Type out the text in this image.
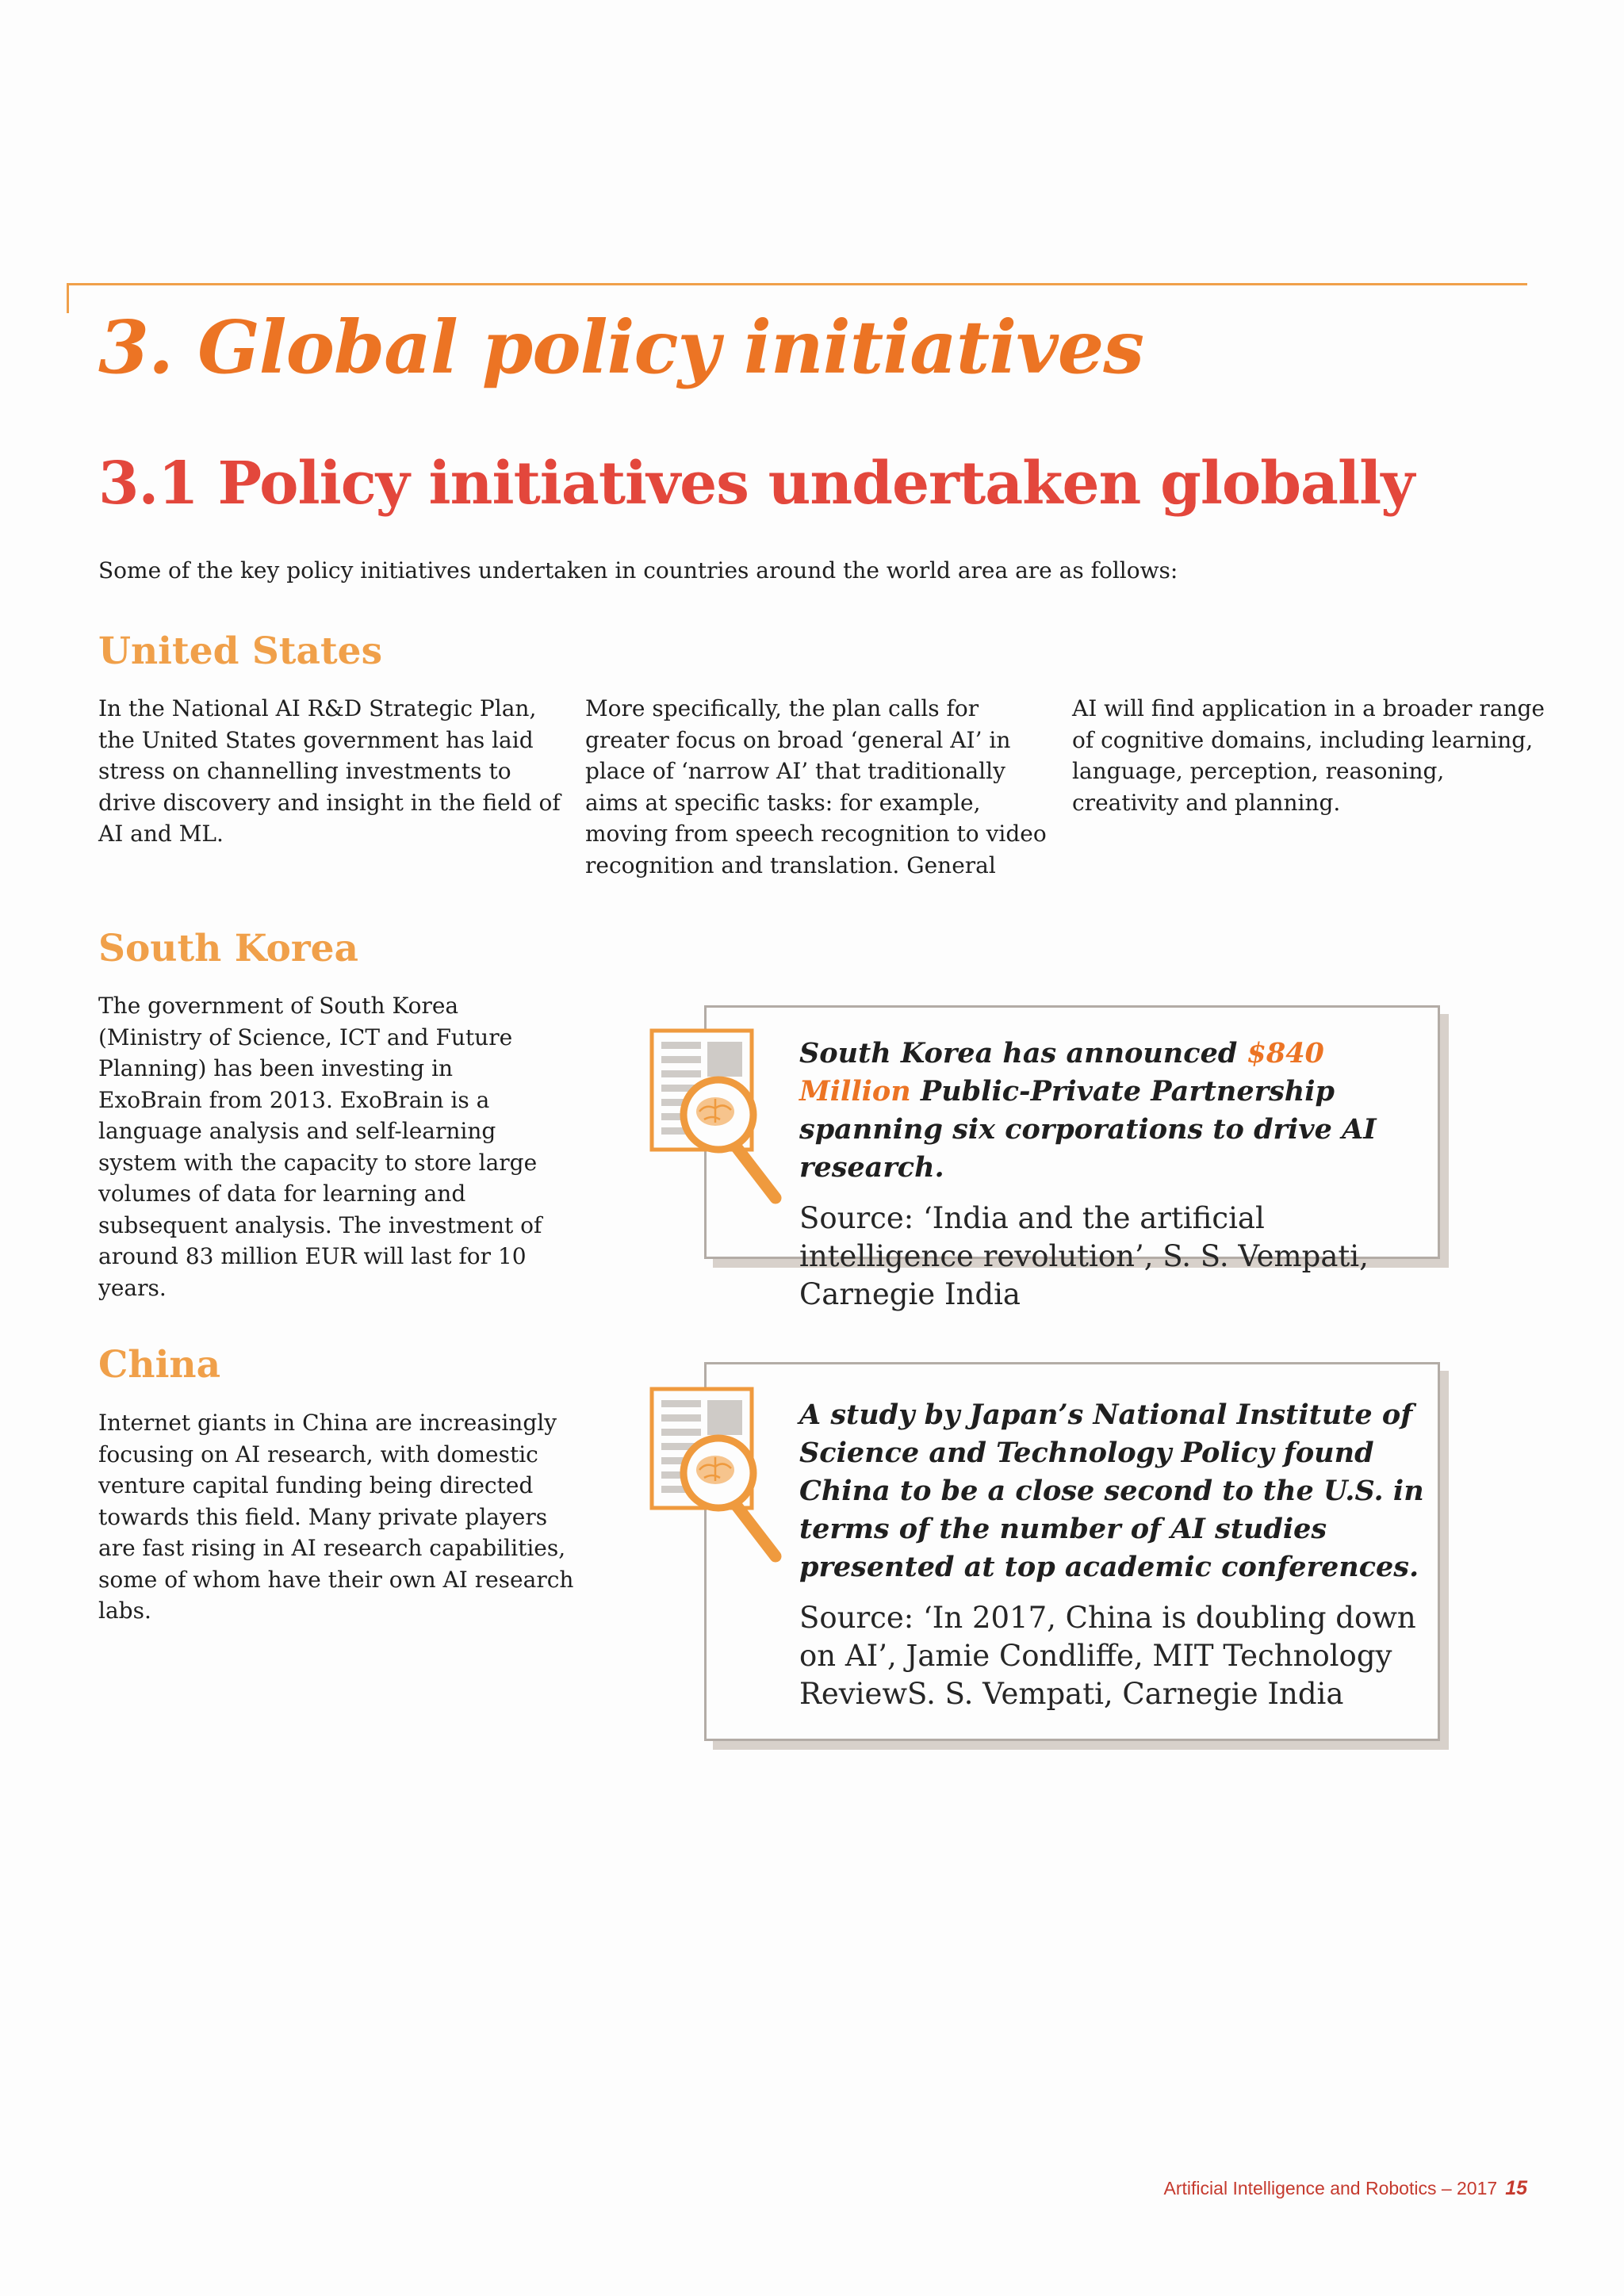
3. Global policy initiatives
3.1 Policy initiatives undertaken globally

Some of the key policy initiatives undertaken in countries around the world area are as follows:

United States

In the National AI R&D Strategic Plan, the United States government has laid stress on channelling investments to drive discovery and insight in the field of AI and ML.

More specifically, the plan calls for greater focus on broad ‘general AI’ in place of ‘narrow AI’ that traditionally aims at specific tasks: for example, moving from speech recognition to video recognition and translation. General

AI will find application in a broader range of cognitive domains, including learning, language, perception, reasoning, creativity and planning.

South Korea

The government of South Korea (Ministry of Science, ICT and Future Planning) has been investing in ExoBrain from 2013. ExoBrain is a language analysis and self-learning system with the capacity to store large volumes of data for learning and subsequent analysis. The investment of around 83 million EUR will last for 10 years.

South Korea has announced $840 Million Public-Private Partnership spanning six corporations to drive AI research.

Source: ‘India and the artificial intelligence revolution’, S. S. Vempati, Carnegie India

China

Internet giants in China are increasingly focusing on AI research, with domestic venture capital funding being directed towards this field. Many private players are fast rising in AI research capabilities, some of whom have their own AI research labs.

A study by Japan’s National Institute of Science and Technology Policy found China to be a close second to the U.S. in terms of the number of AI studies presented at top academic conferences.

Source: ‘In 2017, China is doubling down on AI’, Jamie Condliffe, MIT Technology ReviewS. S. Vempati, Carnegie India

Artificial Intelligence and Robotics – 2017 15
